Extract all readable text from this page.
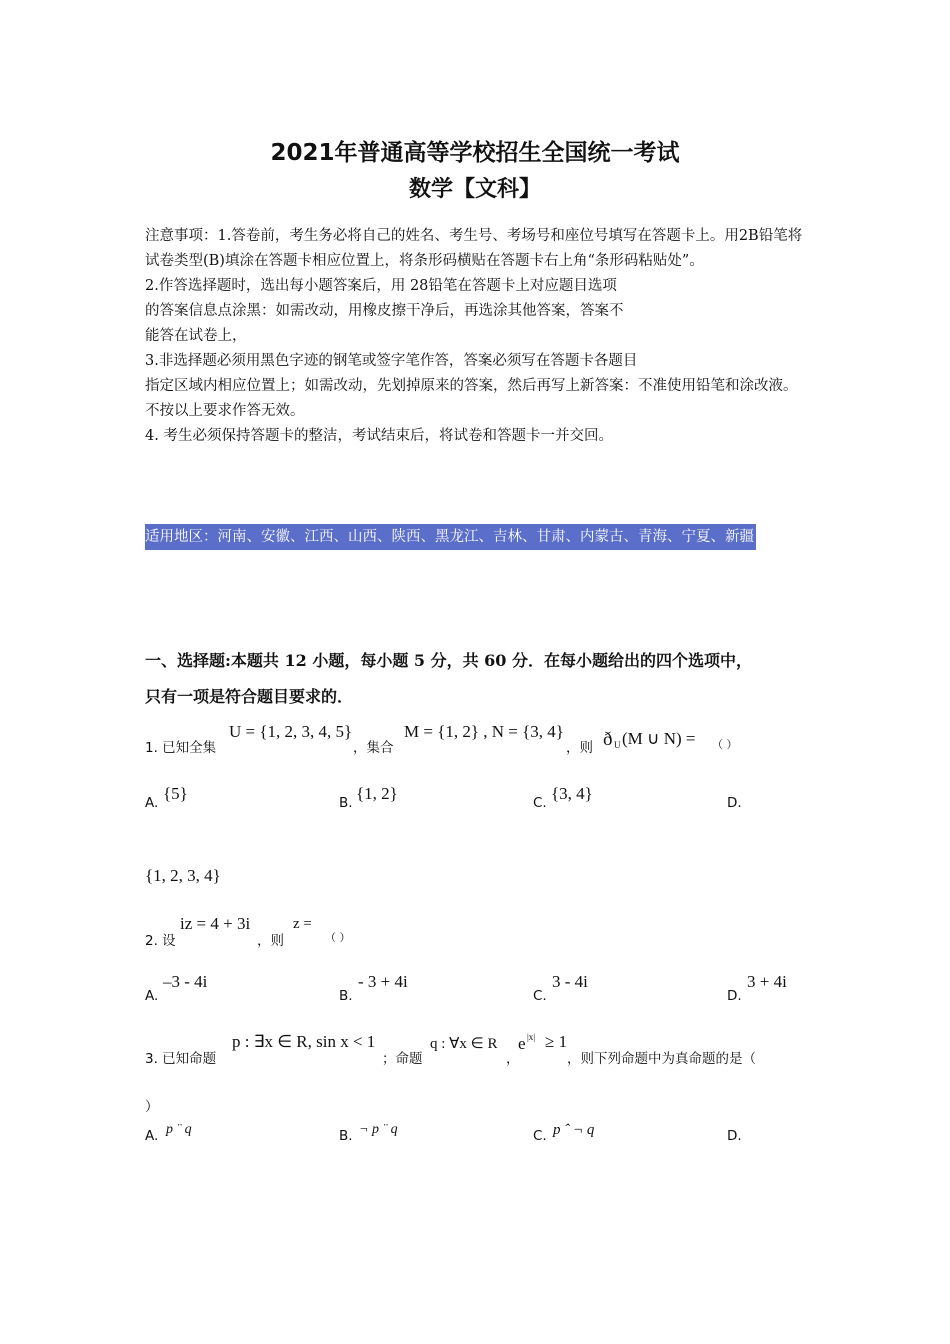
2021年普通高等学校招生全国统一考试
数学【文科】

注意事项：1.答卷前，考生务必将自己的姓名、考生号、考场号和座位号填写在答题卡上。用2B铅笔将试卷类型(B)填涂在答题卡相应位置上，将条形码横贴在答题卡右上角“条形码粘贴处”。

2.作答选择题时，选出每小题答案后，用 28铅笔在答题卡上对应题目选项

的答案信息点涂黑：如需改动，用橡皮擦干净后，再选涂其他答案，答案不

能答在试卷上，

3.非选择题必须用黑色字迹的钢笔或签字笔作答，答案必须写在答题卡各题目

指定区域内相应位置上；如需改动，先划掉原来的答案，然后再写上新答案：不准使用铅笔和涂改液。不按以上要求作答无效。

4. 考生必须保持答题卡的整洁，考试结束后，将试卷和答题卡一并交回。

适用地区：河南、安徽、江西、山西、陕西、黑龙江、吉林、甘肃、内蒙古、青海、宁夏、新疆
一、选择题:本题共 12 小题，每小题 5 分，共 60 分．在每小题给出的四个选项中，
只有一项是符合题目要求的．
1. 已知全集
U = {1, 2, 3, 4, 5}
，集合
M = {1, 2} , N = {3, 4}
，则 ð U (M ∪ N) = （ ）
A. {5}	B. {1, 2}	C. {3, 4}	D.
{1, 2, 3, 4}
2. 设
iz = 4 + 3i
，则
z =
（ ）
A.
–3 - 4i
B.
- 3 + 4i
C.
3 - 4i
D.
3 + 4i
3. 已知命题
p : ∃x ∈ R, sin x < 1
；命题
q : ∀x ∈ R
，
e |x| ≥ 1
，则下列命题中为真命题的是（
）
A. p ¨ q	B. ¬ p ¨ q	C. p ˆ ¬ q	D.
